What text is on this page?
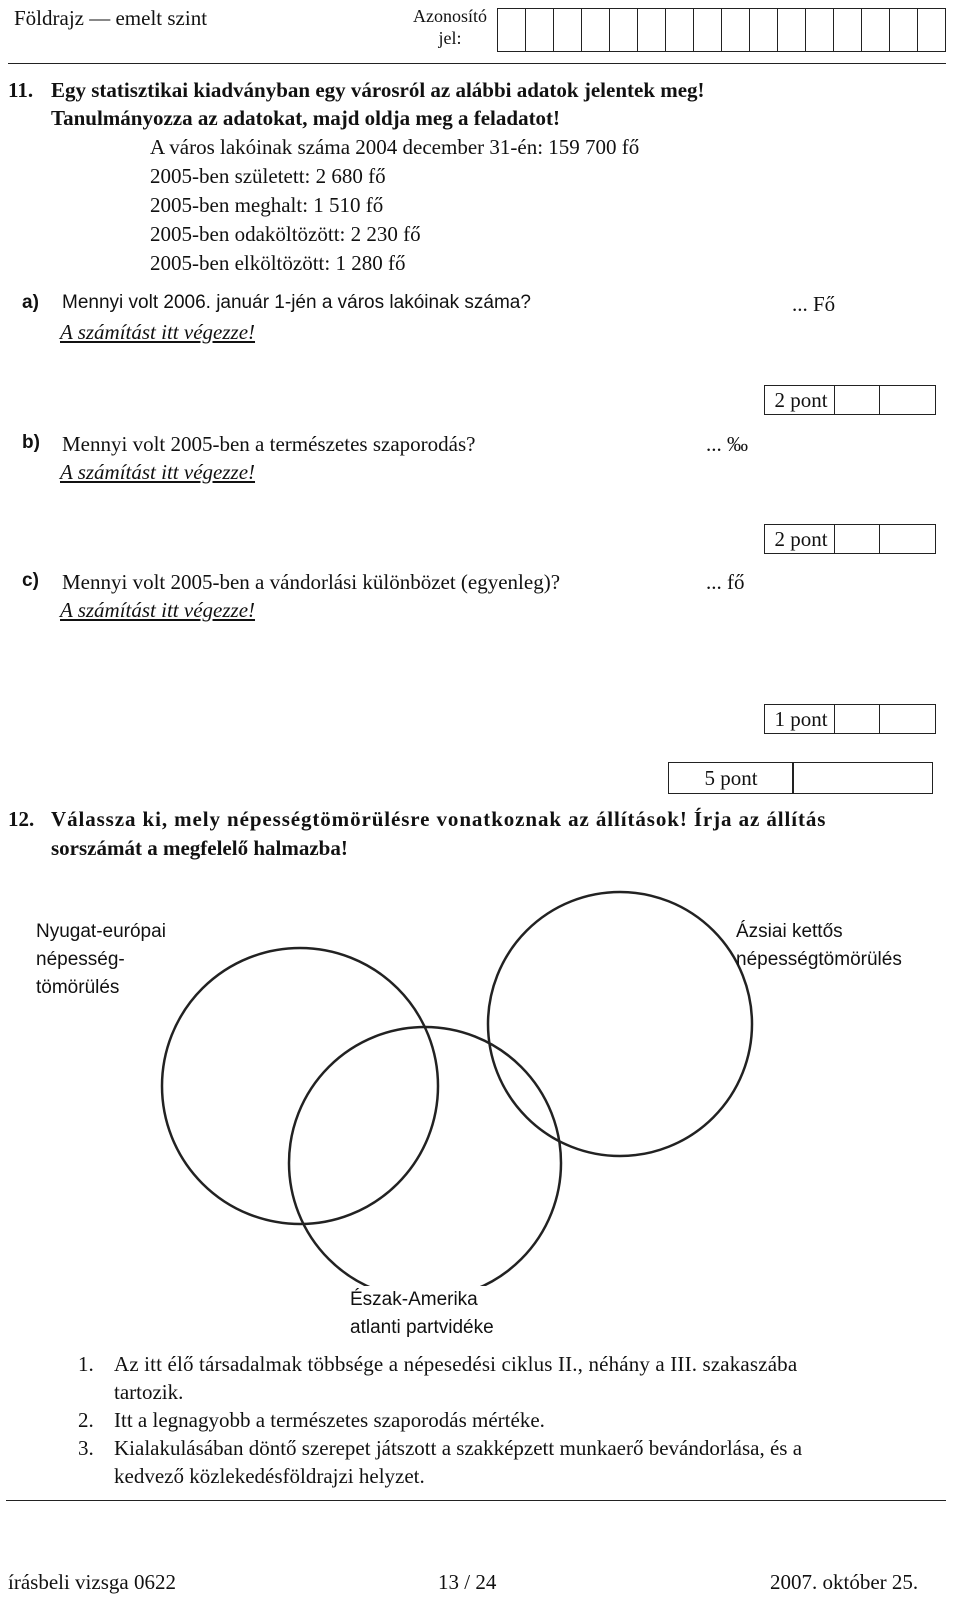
Földrajz — emelt szint	Azonosító
jel:
11. Egy statisztikai kiadványban egy városról az alábbi adatok jelentek meg!
Tanulmányozza az adatokat, majd oldja meg a feladatot!
A város lakóinak száma 2004 december 31-én: 159 700 fő
2005-ben született: 2 680 fő
2005-ben meghalt: 1 510 fő
2005-ben odaköltözött: 2 230 fő
2005-ben elköltözött: 1 280 fő
a) Mennyi volt 2006. január 1-jén a város lakóinak száma?	... Fő
A számítást itt végezze!
2 pont
b) Mennyi volt 2005-ben a természetes szaporodás?	... ‰
A számítást itt végezze!
2 pont
c) Mennyi volt 2005-ben a vándorlási különbözet (egyenleg)?	... fő
A számítást itt végezze!
1 pont
5 pont
12. Válassza ki, mely népességtömörülésre vonatkoznak az állítások! Írja az állítás
sorszámát a megfelelő halmazba!
Nyugat-európai
népesség-
tömörülés
Ázsiai kettős
népességtömörülés
Észak-Amerika
atlanti partvidéke
1. Az itt élő társadalmak többsége a népesedési ciklus II., néhány a III. szakaszába
tartozik.
2. Itt a legnagyobb a természetes szaporodás mértéke.
3. Kialakulásában döntő szerepet játszott a szakképzett munkaerő bevándorlása, és a
kedvező közlekedésföldrajzi helyzet.
írásbeli vizsga 0622	13 / 24	2007. október 25.
